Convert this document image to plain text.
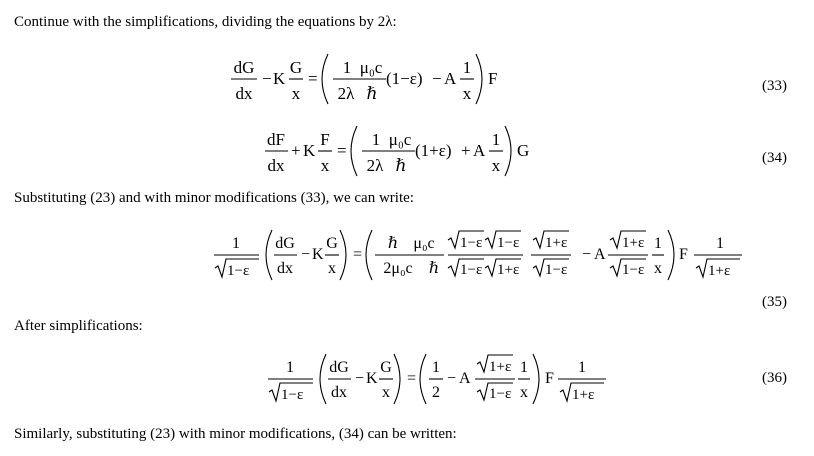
Continue with the simplifications, dividing the equations by 2λ:
dG
dx
− K
G
x
=
1 μ₀c
2λ ℏ
(1−ε) − A
1
x
F	(33)
dF
dx
+ K
F
x
=
1 μ₀c
2λ ℏ
(1+ε) + A
1
x
G	(34)
Substituting (23) and with minor modifications (33), we can write:
1
1−ε
dG
dx
− K
G
x
=
ℏ μ₀c
2μ₀c ℏ
1−ε 1−ε
1−ε 1+ε
1+ε
1−ε
− A
1+ε
1−ε
1
x
F
1
1+ε
(35)
After simplifications:
1
1−ε
dG
dx
− K
G
x
=
1
2
− A
1+ε
1−ε
1
x
F
1
1+ε
(36)
Similarly, substituting (23) with minor modifications, (34) can be written:
